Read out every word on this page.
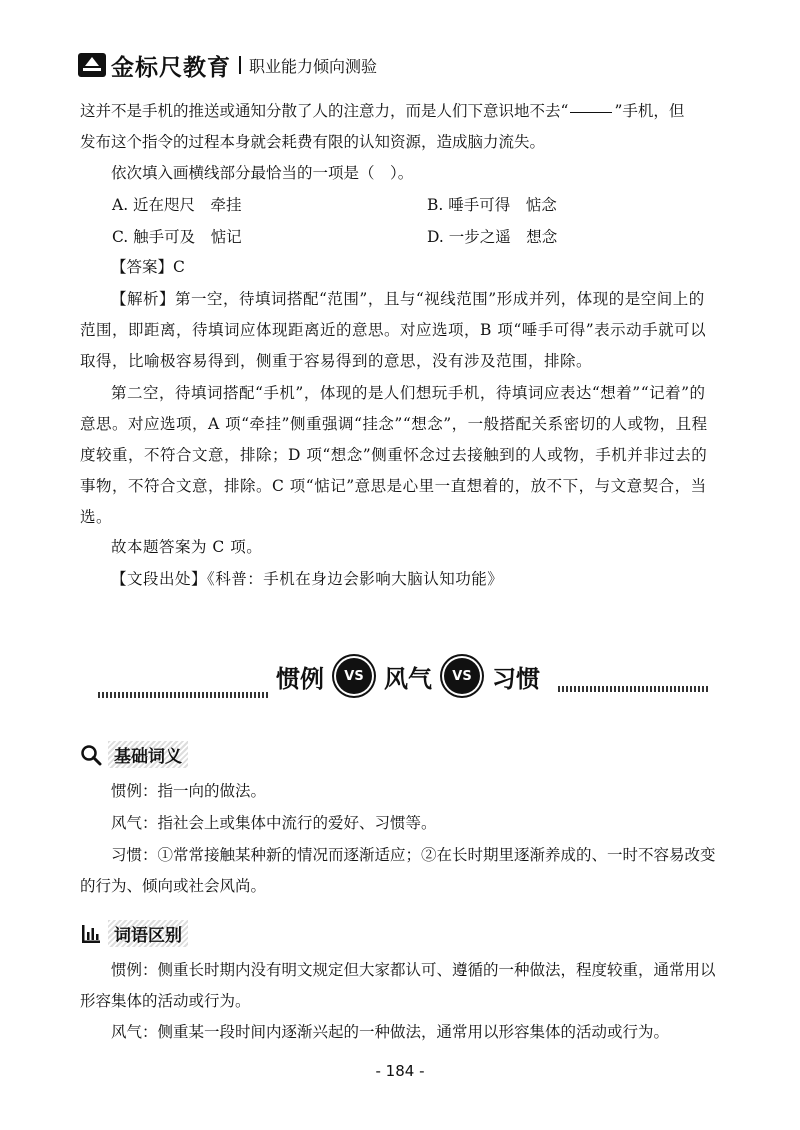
金标尺教育 职业能力倾向测验

这并不是手机的推送或通知分散了人的注意力，而是人们下意识地不去“	”手机，但
发布这个指令的过程本身就会耗费有限的认知资源，造成脑力流失。

依次填入画横线部分最恰当的一项是（　）。

A. 近在咫尺　牵挂	B. 唾手可得　惦念
C. 触手可及　惦记	D. 一步之遥　想念

【答案】C

【解析】第一空，待填词搭配“范围”，且与“视线范围”形成并列，体现的是空间上的范围，即距离，待填词应体现距离近的意思。对应选项，B 项“唾手可得”表示动手就可以取得，比喻极容易得到，侧重于容易得到的意思，没有涉及范围，排除。

第二空，待填词搭配“手机”，体现的是人们想玩手机，待填词应表达“想着”“记着”的意思。对应选项，A 项“牵挂”侧重强调“挂念”“想念”，一般搭配关系密切的人或物，且程度较重，不符合文意，排除；D 项“想念”侧重怀念过去接触到的人或物，手机并非过去的事物，不符合文意，排除。C 项“惦记”意思是心里一直想着的，放不下，与文意契合，当选。

故本题答案为 C 项。

【文段出处】《科普：手机在身边会影响大脑认知功能》

惯例	VS 风气	VS 习惯
基础词义

惯例：指一向的做法。

风气：指社会上或集体中流行的爱好、习惯等。

习惯：①常常接触某种新的情况而逐渐适应；②在长时期里逐渐养成的、一时不容易改变的行为、倾向或社会风尚。

词语区别

惯例：侧重长时期内没有明文规定但大家都认可、遵循的一种做法，程度较重，通常用以形容集体的活动或行为。

风气：侧重某一段时间内逐渐兴起的一种做法，通常用以形容集体的活动或行为。

- 184 -
